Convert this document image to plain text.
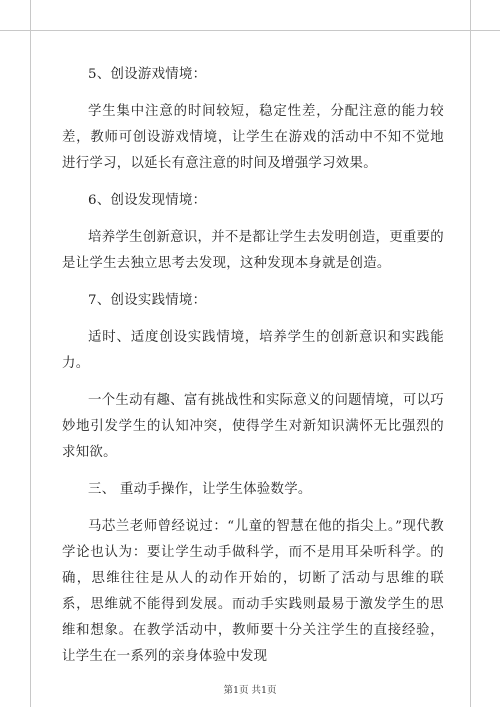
5、创设游戏情境：

学生集中注意的时间较短，稳定性差，分配注意的能力较差，教师可创设游戏情境，让学生在游戏的活动中不知不觉地进行学习，以延长有意注意的时间及增强学习效果。

6、创设发现情境：

培养学生创新意识，并不是都让学生去发明创造，更重要的是让学生去独立思考去发现，这种发现本身就是创造。

7、创设实践情境：

适时、适度创设实践情境，培养学生的创新意识和实践能力。

一个生动有趣、富有挑战性和实际意义的问题情境，可以巧妙地引发学生的认知冲突，使得学生对新知识满怀无比强烈的求知欲。

三、 重动手操作，让学生体验数学。

马芯兰老师曾经说过：“儿童的智慧在他的指尖上。”现代教学论也认为：要让学生动手做科学，而不是用耳朵听科学。的确，思维往往是从人的动作开始的，切断了活动与思维的联系，思维就不能得到发展。而动手实践则最易于激发学生的思维和想象。在教学活动中，教师要十分关注学生的直接经验，让学生在一系列的亲身体验中发现

第1页 共1页
